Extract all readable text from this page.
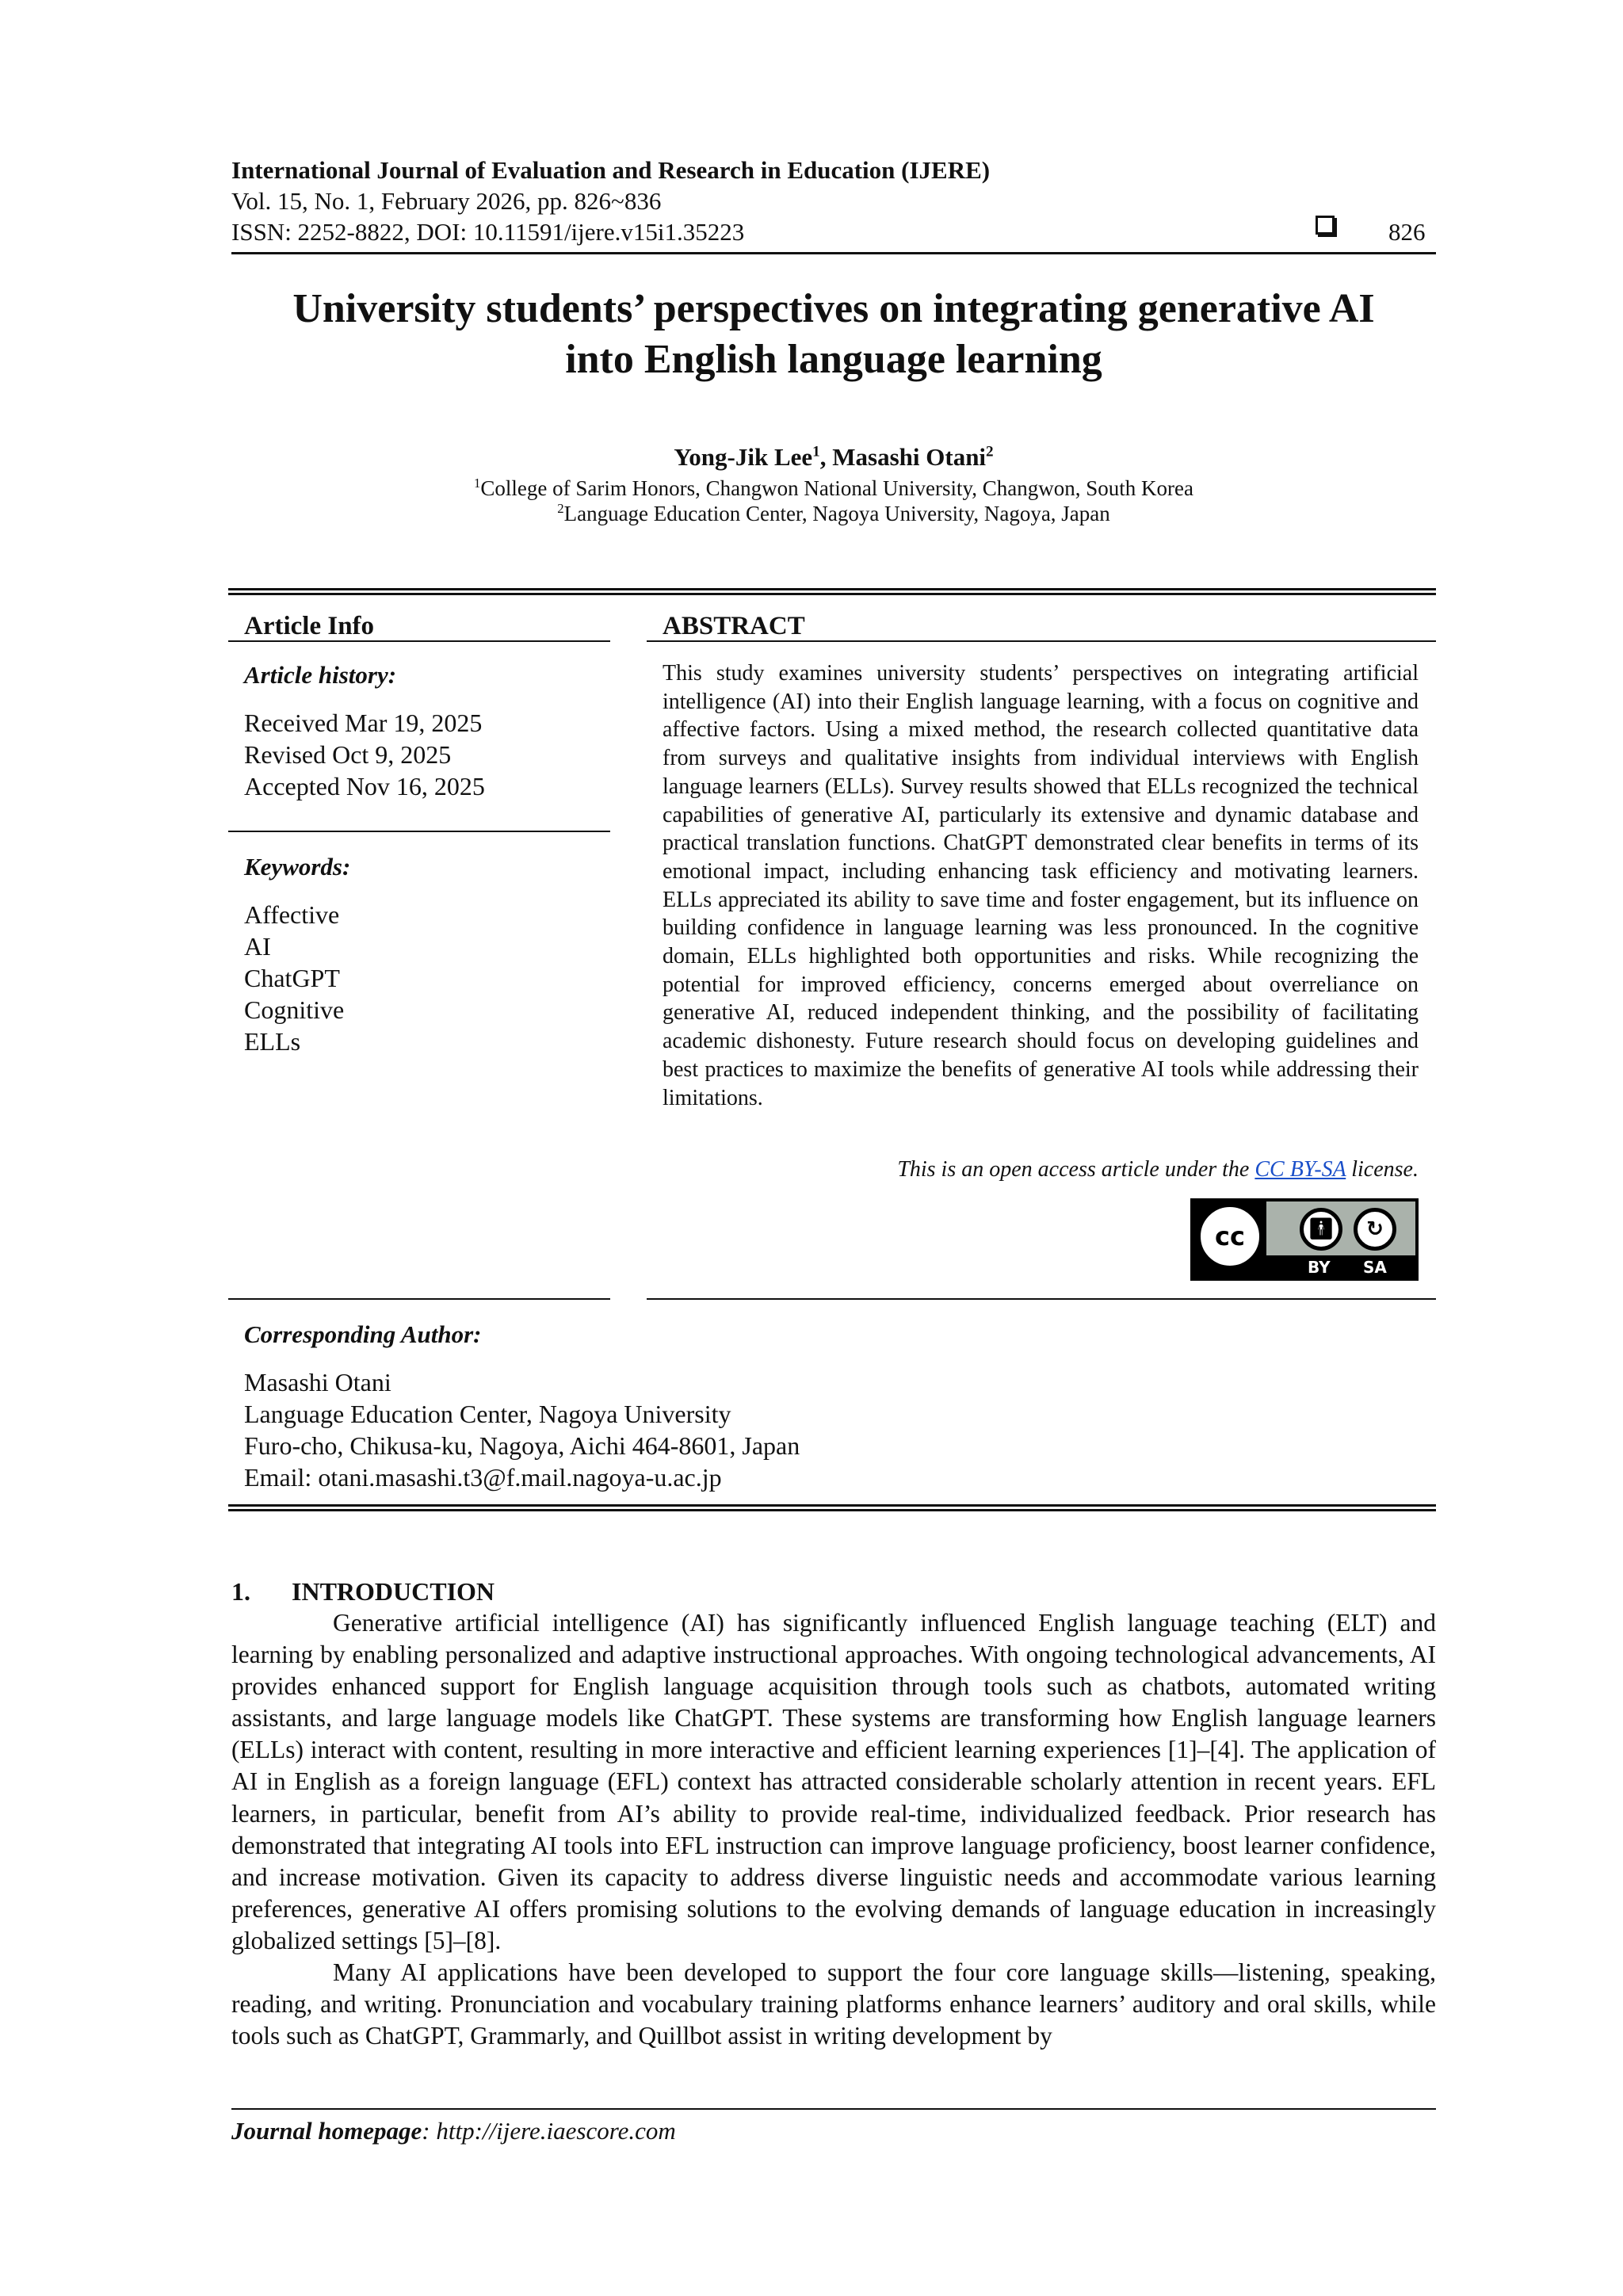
International Journal of Evaluation and Research in Education (IJERE)
Vol. 15, No. 1, February 2026, pp. 826~836
ISSN: 2252-8822, DOI: 10.11591/ijere.v15i1.35223	826
University students’ perspectives on integrating generative AI
into English language learning
Yong-Jik Lee$^1$, Masashi Otani$^2$
$^1$College of Sarim Honors, Changwon National University, Changwon, South Korea
$^2$Language Education Center, Nagoya University, Nagoya, Japan
Article Info
Article history:
Received Mar 19, 2025
Revised Oct 9, 2025
Accepted Nov 16, 2025
Keywords:
Affective
AI
ChatGPT
Cognitive
ELLs
ABSTRACT
This study examines university students’ perspectives on integrating artificial intelligence (AI) into their English language learning, with a focus on cognitive and affective factors. Using a mixed method, the research collected quantitative data from surveys and qualitative insights from individual interviews with English language learners (ELLs). Survey results showed that ELLs recognized the technical capabilities of generative AI, particularly its extensive and dynamic database and practical translation functions. ChatGPT demonstrated clear benefits in terms of its emotional impact, including enhancing task efficiency and motivating learners. ELLs appreciated its ability to save time and foster engagement, but its influence on building confidence in language learning was less pronounced. In the cognitive domain, ELLs highlighted both opportunities and risks. While recognizing the potential for improved efficiency, concerns emerged about overreliance on generative AI, reduced independent thinking, and the possibility of facilitating academic dishonesty. Future research should focus on developing guidelines and best practices to maximize the benefits of generative AI tools while addressing their limitations.
This is an open access article under the CC BY-SA license.
cc	🚹︎	↻
BY SA
Corresponding Author:
Masashi Otani
Language Education Center, Nagoya University
Furo-cho, Chikusa-ku, Nagoya, Aichi 464-8601, Japan
Email: otani.masashi.t3@f.mail.nagoya-u.ac.jp
1. INTRODUCTION

Generative artificial intelligence (AI) has significantly influenced English language teaching (ELT) and learning by enabling personalized and adaptive instructional approaches. With ongoing technological advancements, AI provides enhanced support for English language acquisition through tools such as chatbots, automated writing assistants, and large language models like ChatGPT. These systems are transforming how English language learners (ELLs) interact with content, resulting in more interactive and efficient learning experiences [1]–[4]. The application of AI in English as a foreign language (EFL) context has attracted considerable scholarly attention in recent years. EFL learners, in particular, benefit from AI’s ability to provide real-time, individualized feedback. Prior research has demonstrated that integrating AI tools into EFL instruction can improve language proficiency, boost learner confidence, and increase motivation. Given its capacity to address diverse linguistic needs and accommodate various learning preferences, generative AI offers promising solutions to the evolving demands of language education in increasingly globalized settings [5]–[8].

Many AI applications have been developed to support the four core language skills—listening, speaking, reading, and writing. Pronunciation and vocabulary training platforms enhance learners’ auditory and oral skills, while tools such as ChatGPT, Grammarly, and Quillbot assist in writing development by

Journal homepage: http://ijere.iaescore.com
